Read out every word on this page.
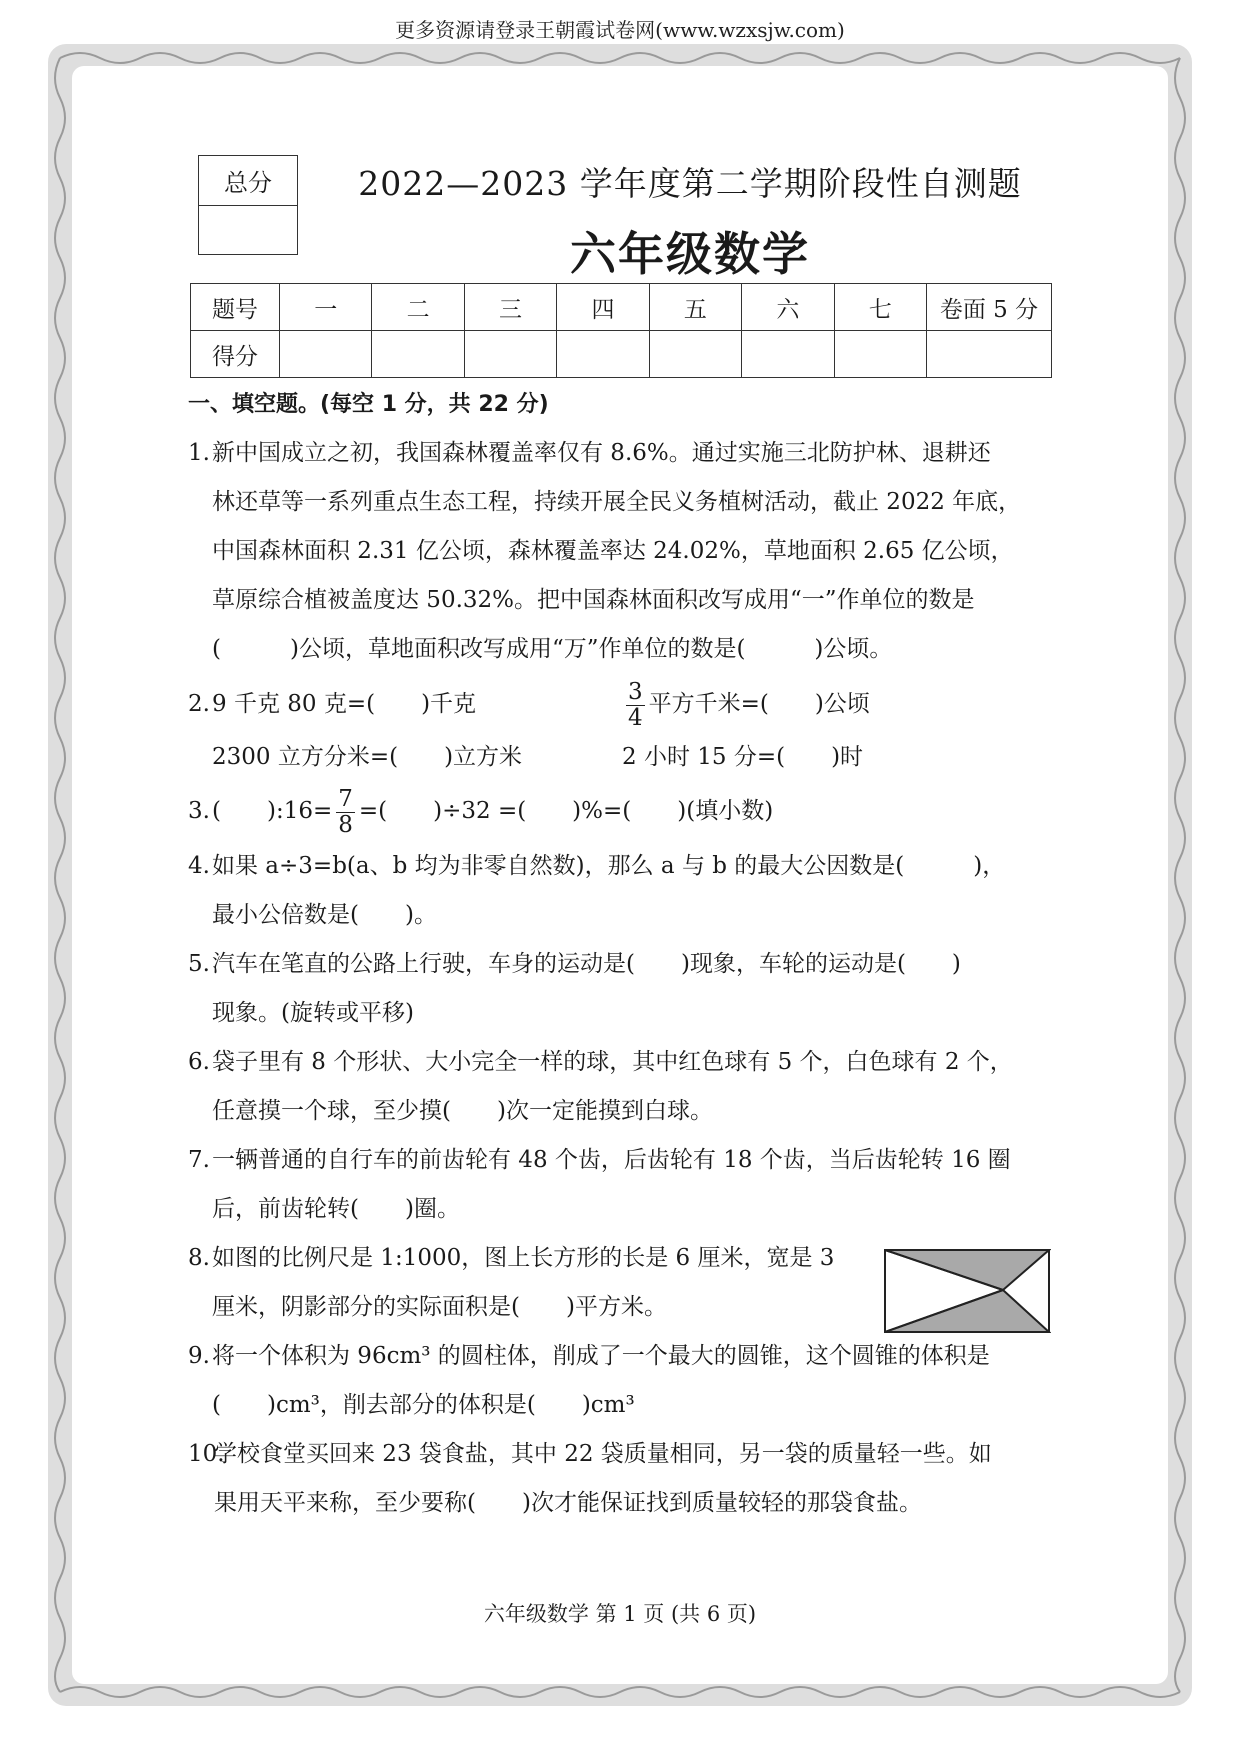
更多资源请登录王朝霞试卷网(www.wzxsjw.com)
总分	2022—2023 学年度第二学期阶段性自测题
六年级数学
题号	一	二	三	四	五	六	七	卷面 5 分
得分								
一、填空题。(每空 1 分，共 22 分)
1. 新中国成立之初，我国森林覆盖率仅有 8.6%。通过实施三北防护林、退耕还
林还草等一系列重点生态工程，持续开展全民义务植树活动，截止 2022 年底，
中国森林面积 2.31 亿公顷，森林覆盖率达 24.02%，草地面积 2.65 亿公顷，
草原综合植被盖度达 50.32%。把中国森林面积改写成用“一”作单位的数是
(　　　)公顷，草地面积改写成用“万”作单位的数是(　　　)公顷。
2. 9 千克 80 克=(　　)千克	$\frac{3}{4}$ 平方千米=(　　)公顷
2300 立方分米=(　　)立方米	2 小时 15 分=(　　)时
3. (　　):16= $\frac{7}{8}$ =(　　)÷32 =(　　)%=(　　)(填小数)
4. 如果 a÷3=b(a、b 均为非零自然数)，那么 a 与 b 的最大公因数是(　　　)，
最小公倍数是(　　)。
5. 汽车在笔直的公路上行驶，车身的运动是(　　)现象，车轮的运动是(　　)
现象。(旋转或平移)
6. 袋子里有 8 个形状、大小完全一样的球，其中红色球有 5 个，白色球有 2 个，
任意摸一个球，至少摸(　　)次一定能摸到白球。
7. 一辆普通的自行车的前齿轮有 48 个齿，后齿轮有 18 个齿，当后齿轮转 16 圈
后，前齿轮转(　　)圈。
8. 如图的比例尺是 1:1000，图上长方形的长是 6 厘米，宽是 3
厘米，阴影部分的实际面积是(　　)平方米。
9. 将一个体积为 96cm³ 的圆柱体，削成了一个最大的圆锥，这个圆锥的体积是
(　　)cm³，削去部分的体积是(　　)cm³
10.
学校食堂买回来 23 袋食盐，其中 22 袋质量相同，另一袋的质量轻一些。如
果用天平来称，至少要称(　　)次才能保证找到质量较轻的那袋食盐。
六年级数学 第 1 页 (共 6 页)
